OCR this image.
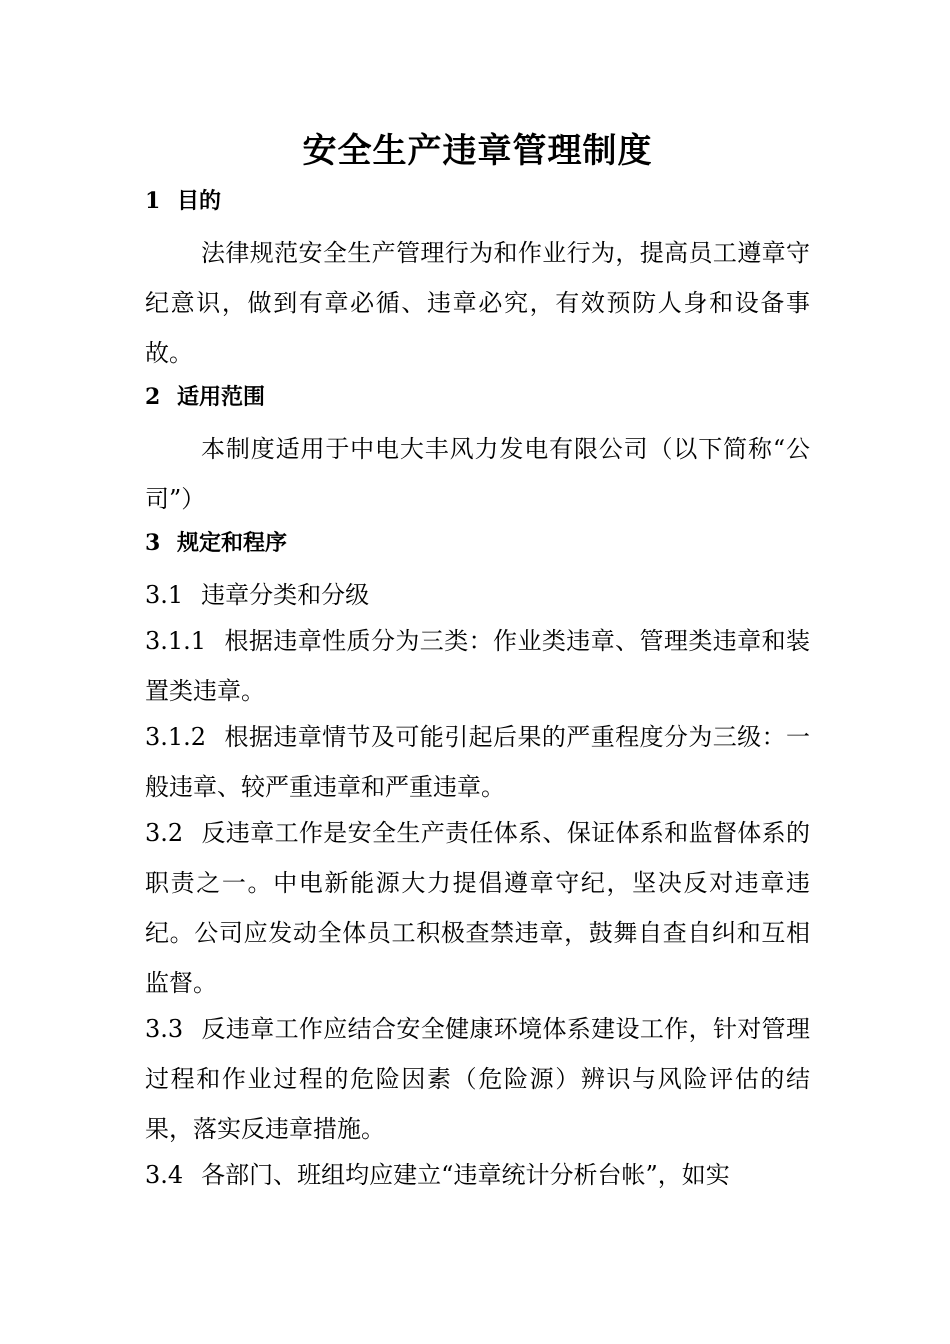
安全生产违章管理制度
1 目的
法律规范安全生产管理行为和作业行为，提高员工遵章守纪意识，做到有章必循、违章必究，有效预防人身和设备事故。
2 适用范围
本制度适用于中电大丰风力发电有限公司（以下简称“公司”）
3 规定和程序
3.1 违章分类和分级
3.1.1 根据违章性质分为三类：作业类违章、管理类违章和装置类违章。
3.1.2 根据违章情节及可能引起后果的严重程度分为三级：一般违章、较严重违章和严重违章。
3.2 反违章工作是安全生产责任体系、保证体系和监督体系的职责之一。中电新能源大力提倡遵章守纪，坚决反对违章违纪。公司应发动全体员工积极查禁违章，鼓舞自查自纠和互相监督。
3.3 反违章工作应结合安全健康环境体系建设工作，针对管理过程和作业过程的危险因素（危险源）辨识与风险评估的结果，落实反违章措施。
3.4 各部门、班组均应建立“违章统计分析台帐”，如实
